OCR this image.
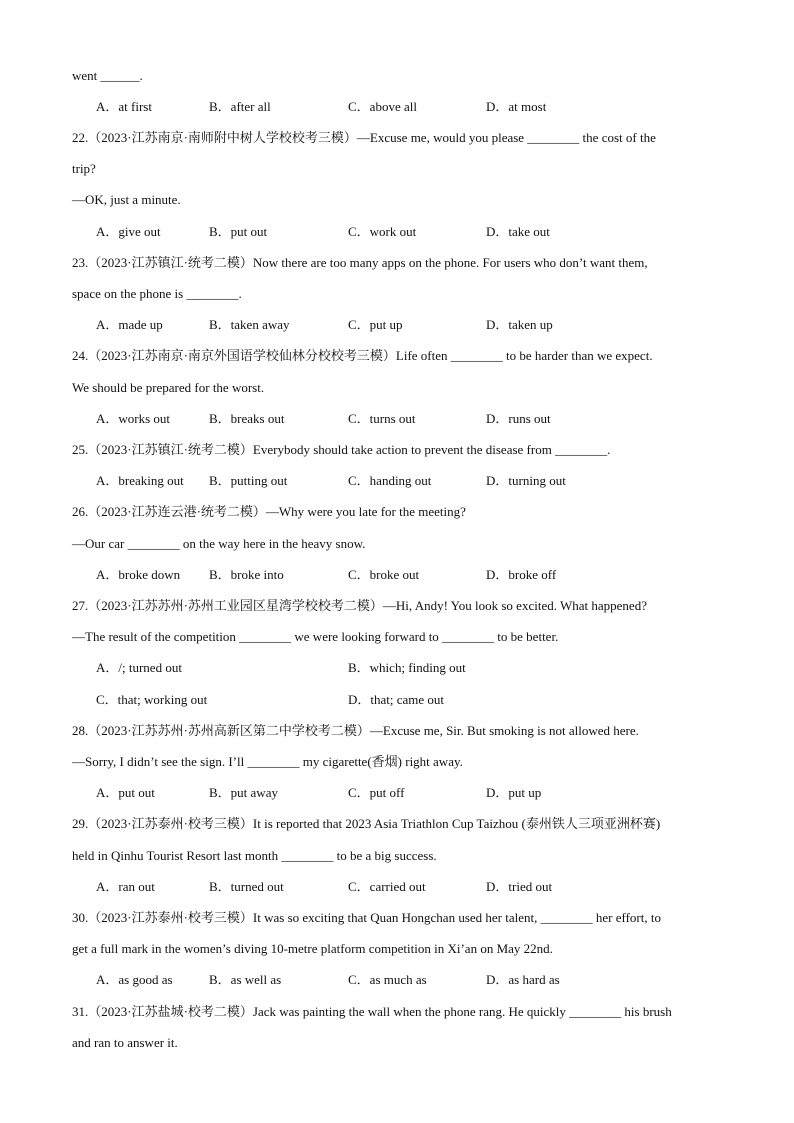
went ______.
A．at first	B．after all	C．above all	D．at most
22.（2023·江苏南京·南师附中树人学校校考三模）—Excuse me, would you please ________ the cost of the
trip?
—OK, just a minute.
A．give out	B．put out	C．work out	D．take out
23.（2023·江苏镇江·统考二模）Now there are too many apps on the phone. For users who don’t want them,
space on the phone is ________.
A．made up	B．taken away	C．put up	D．taken up
24.（2023·江苏南京·南京外国语学校仙林分校校考三模）Life often ________ to be harder than we expect.
We should be prepared for the worst.
A．works out	B．breaks out	C．turns out	D．runs out
25.（2023·江苏镇江·统考二模）Everybody should take action to prevent the disease from ________.
A．breaking out B．putting out	C．handing out	D．turning out
26.（2023·江苏连云港·统考二模）—Why were you late for the meeting?
—Our car ________ on the way here in the heavy snow.
A．broke down B．broke into	C．broke out	D．broke off
27.（2023·江苏苏州·苏州工业园区星湾学校校考二模）—Hi, Andy! You look so excited. What happened?
—The result of the competition ________ we were looking forward to ________ to be better.
A．/; turned out	B．which; finding out
C．that; working out	D．that; came out
28.（2023·江苏苏州·苏州高新区第二中学校考二模）—Excuse me, Sir. But smoking is not allowed here.
—Sorry, I didn’t see the sign. I’ll ________ my cigarette(香烟) right away.
A．put out	B．put away	C．put off	D．put up
29.（2023·江苏泰州·校考三模）It is reported that 2023 Asia Triathlon Cup Taizhou (泰州铁人三项亚洲杯赛)
held in Qinhu Tourist Resort last month ________ to be a big success.
A．ran out	B．turned out	C．carried out	D．tried out
30.（2023·江苏泰州·校考三模）It was so exciting that Quan Hongchan used her talent, ________ her effort, to
get a full mark in the women’s diving 10-metre platform competition in Xi’an on May 22nd.
A．as good as	B．as well as	C．as much as	D．as hard as
31.（2023·江苏盐城·校考二模）Jack was painting the wall when the phone rang. He quickly ________ his brush
and ran to answer it.
